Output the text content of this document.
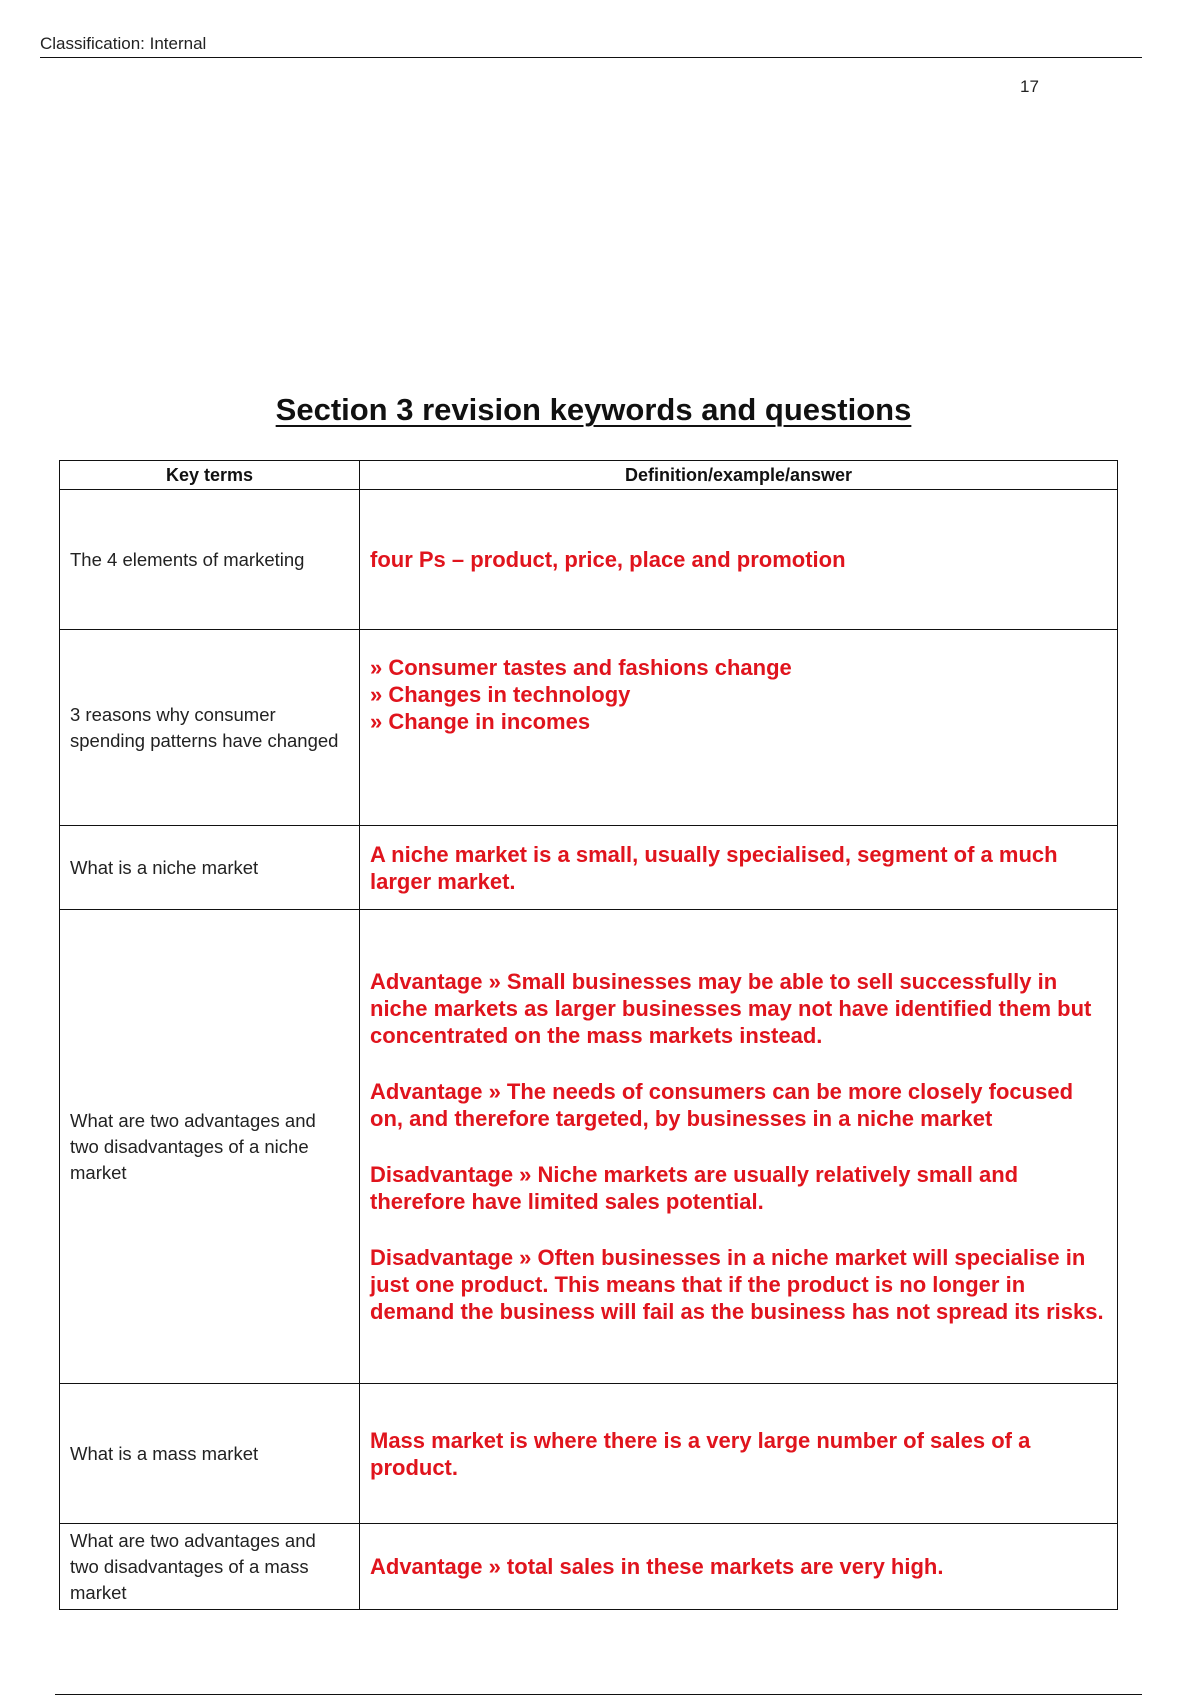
Classification: Internal
17
Section 3 revision keywords and questions
Key terms	Definition/example/answer
The 4 elements of marketing	four Ps – product, price, place and promotion

3 reasons why consumer spending patterns have changed	» Consumer tastes and fashions change
» Changes in technology
» Change in incomes

What is a niche market	A niche market is a small, usually specialised, segment of a much larger market.

What are two advantages and two disadvantages of a niche market	Advantage » Small businesses may be able to sell successfully in niche markets as larger businesses may not have identified them but concentrated on the mass markets instead.

Advantage » The needs of consumers can be more closely focused on, and therefore targeted, by businesses in a niche market

Disadvantage » Niche markets are usually relatively small and therefore have limited sales potential.

Disadvantage » Often businesses in a niche market will specialise in just one product. This means that if the product is no longer in demand the business will fail as the business has not spread its risks.

What is a mass market	Mass market is where there is a very large number of sales of a product.

What are two advantages and two disadvantages of a mass market	Advantage » total sales in these markets are very high.
